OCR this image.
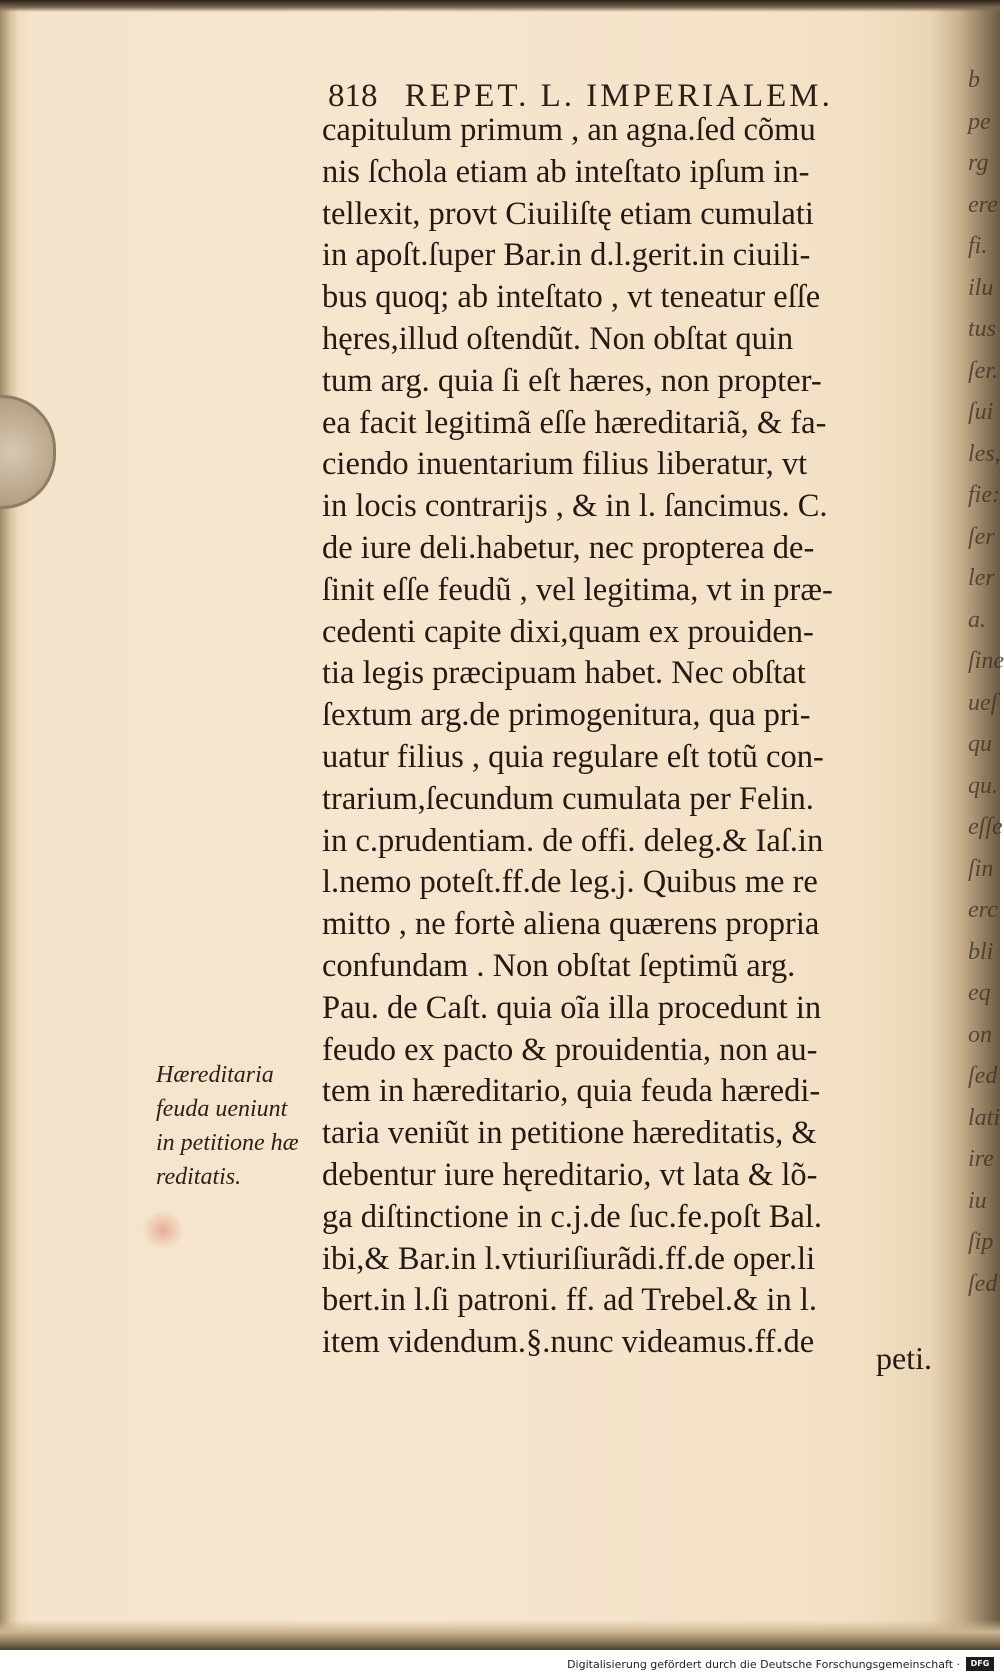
818 REPET. L. IMPERIALEM.
capitulum primum , an agna.ſed cõmu
nis ſchola etiam ab inteſtato ipſum in-
tellexit, provt Ciuiliſtę etiam cumulati
in apoſt.ſuper Bar.in d.l.gerit.in ciuili-
bus quoq; ab inteſtato , vt teneatur eſſe
hęres,illud oſtendũt. Non obſtat quin
tum arg. quia ſi eſt hæres, non propter-
ea facit legitimã eſſe hæreditariã, & fa-
ciendo inuentarium filius liberatur, vt
in locis contrarijs , & in l. ſancimus. C.
de iure deli.habetur, nec propterea de-
ſinit eſſe feudũ , vel legitima, vt in præ-
cedenti capite dixi,quam ex prouiden-
tia legis præcipuam habet. Nec obſtat
ſextum arg.de primogenitura, qua pri-
uatur filius , quia regulare eſt totũ con-
trarium,ſecundum cumulata per Felin.
in c.prudentiam. de offi. deleg.& Iaſ.in
l.nemo poteſt.ff.de leg.j. Quibus me re
mitto , ne fortè aliena quærens propria
confundam . Non obſtat ſeptimũ arg.
Pau. de Caſt. quia oĩa illa procedunt in
feudo ex pacto & prouidentia, non au-
tem in hæreditario, quia feuda hæredi-
taria veniũt in petitione hæreditatis, &
debentur iure hęreditario, vt lata & lõ-
ga diſtinctione in c.j.de ſuc.fe.poſt Bal.
ibi,& Bar.in l.vtiuriſiurãdi.ff.de oper.li
bert.in l.ſi patroni. ff. ad Trebel.& in l.
item videndum.§.nunc videamus.ff.de	peti.
Hæreditaria
feuda ueniunt
in petitione hæ
reditatis.
b
pe
rg
ere
fi.
ilu
tus
ſer.
ſui
les,
fie:
ſer
ler
a.
ſine
ueſ
qu
qu.
eſſe
ſin
erc
bli
eq
on
ſed
lati
ire
iu
ſip
ſed
Digitalisierung gefördert durch die Deutsche Forschungsgemeinschaft ·	DFG
